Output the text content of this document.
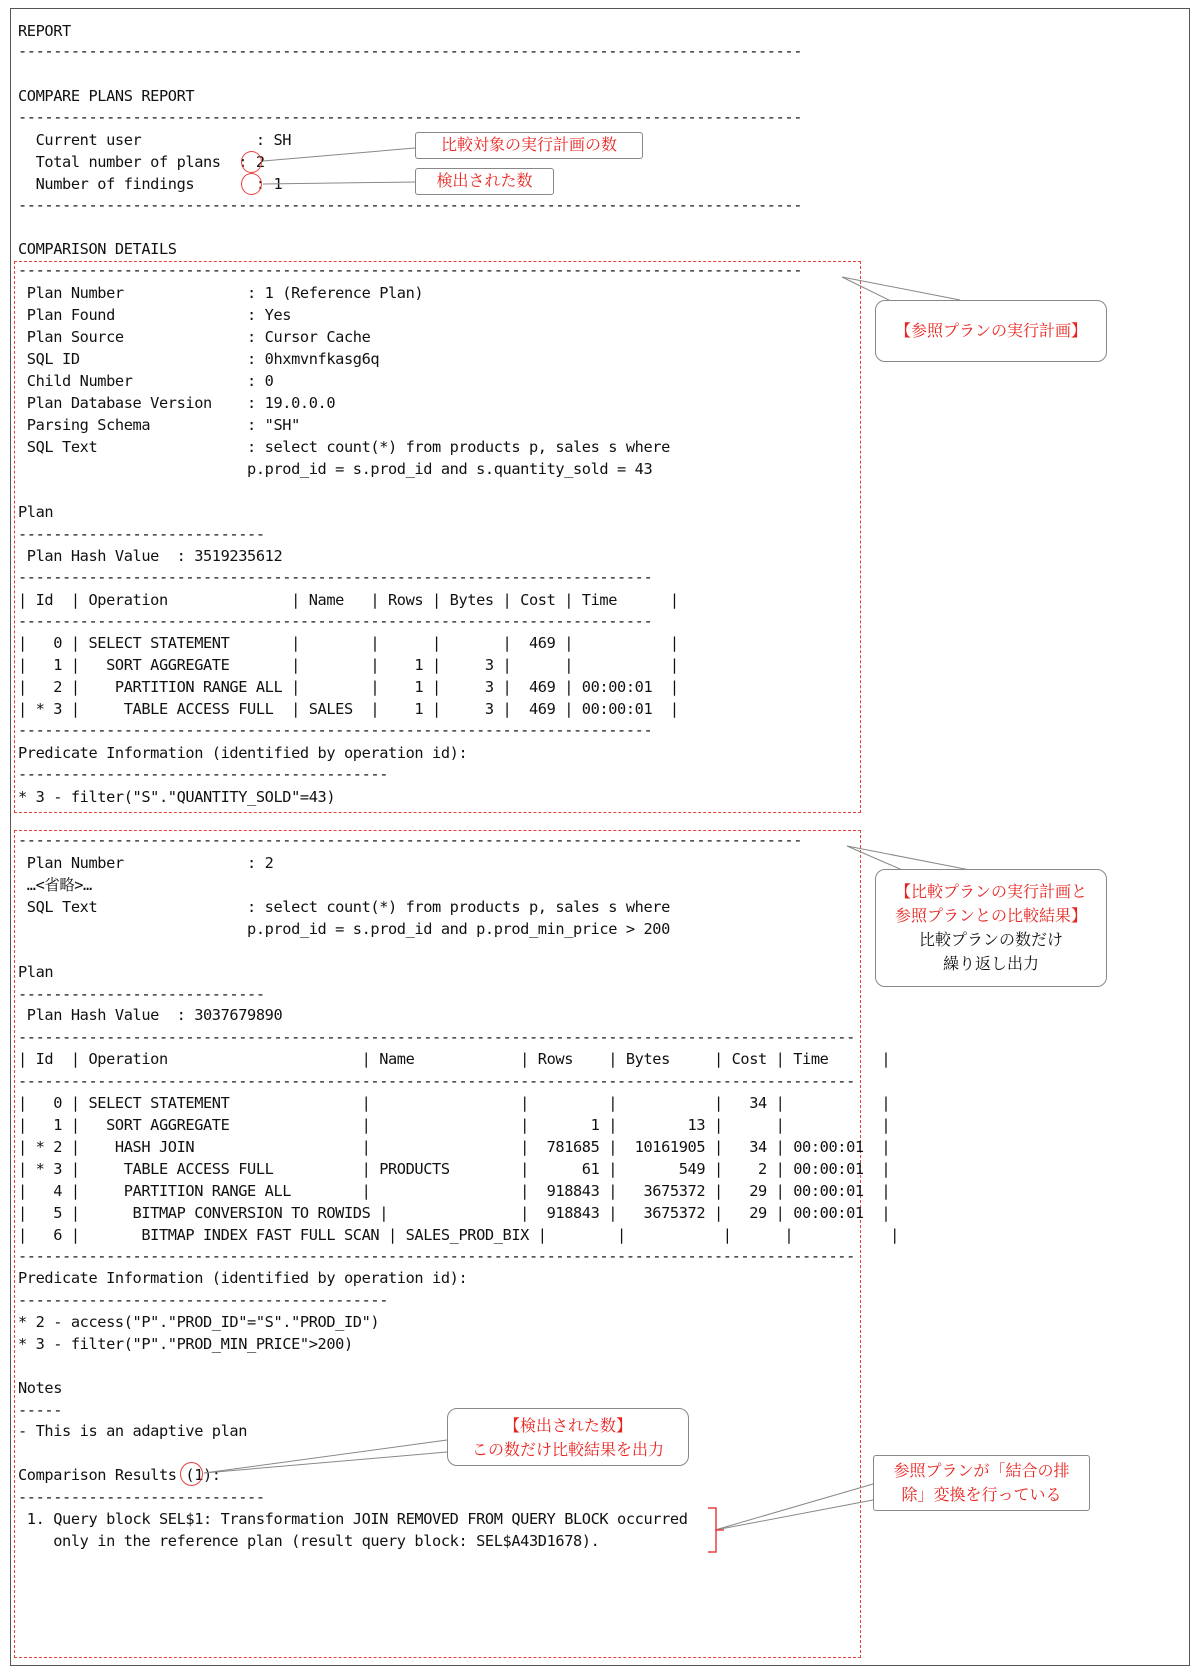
REPORT
-----------------------------------------------------------------------------------------
COMPARE PLANS REPORT
-----------------------------------------------------------------------------------------
Current user             : SH
Total number of plans  : 2
Number of findings       : 1
-----------------------------------------------------------------------------------------
COMPARISON DETAILS
-----------------------------------------------------------------------------------------
Plan Number              : 1 (Reference Plan)
Plan Found               : Yes
Plan Source              : Cursor Cache
SQL ID                   : 0hxmvnfkasg6q
Child Number             : 0
Plan Database Version    : 19.0.0.0
Parsing Schema           : "SH"
SQL Text                 : select count(*) from products p, sales s where
p.prod_id = s.prod_id and s.quantity_sold = 43
Plan
----------------------------
Plan Hash Value  : 3519235612
------------------------------------------------------------------------
| Id  | Operation              | Name   | Rows | Bytes | Cost | Time      |
------------------------------------------------------------------------
|   0 | SELECT STATEMENT       |        |      |       |  469 |           |
|   1 |   SORT AGGREGATE       |        |    1 |     3 |      |           |
|   2 |    PARTITION RANGE ALL |        |    1 |     3 |  469 | 00:00:01  |
| * 3 |     TABLE ACCESS FULL  | SALES  |    1 |     3 |  469 | 00:00:01  |
------------------------------------------------------------------------
Predicate Information (identified by operation id):
------------------------------------------
* 3 - filter("S"."QUANTITY_SOLD"=43)
-----------------------------------------------------------------------------------------
Plan Number              : 2
…<省略>…
SQL Text                 : select count(*) from products p, sales s where
p.prod_id = s.prod_id and p.prod_min_price > 200
Plan
----------------------------
Plan Hash Value  : 3037679890
-----------------------------------------------------------------------------------------------
| Id  | Operation                      | Name            | Rows    | Bytes     | Cost | Time      |
-----------------------------------------------------------------------------------------------
|   0 | SELECT STATEMENT               |                 |         |           |   34 |           |
|   1 |   SORT AGGREGATE               |                 |       1 |        13 |      |           |
| * 2 |    HASH JOIN                   |                 |  781685 |  10161905 |   34 | 00:00:01  |
| * 3 |     TABLE ACCESS FULL          | PRODUCTS        |      61 |       549 |    2 | 00:00:01  |
|   4 |     PARTITION RANGE ALL        |                 |  918843 |   3675372 |   29 | 00:00:01  |
|   5 |      BITMAP CONVERSION TO ROWIDS |               |  918843 |   3675372 |   29 | 00:00:01  |
|   6 |       BITMAP INDEX FAST FULL SCAN | SALES_PROD_BIX |        |           |      |           |
-----------------------------------------------------------------------------------------------
Predicate Information (identified by operation id):
------------------------------------------
* 2 - access("P"."PROD_ID"="S"."PROD_ID")
* 3 - filter("P"."PROD_MIN_PRICE">200)
Notes
-----
- This is an adaptive plan
Comparison Results (1):
----------------------------
1. Query block SEL$1: Transformation JOIN REMOVED FROM QUERY BLOCK occurred
only in the reference plan (result query block: SEL$A43D1678).
比較対象の実行計画の数
検出された数
【参照プランの実行計画】
【比較プランの実行計画と
参照プランとの比較結果】
比較プランの数だけ
繰り返し出力
【検出された数】
この数だけ比較結果を出力
参照プランが「結合の排
除」変換を行っている
